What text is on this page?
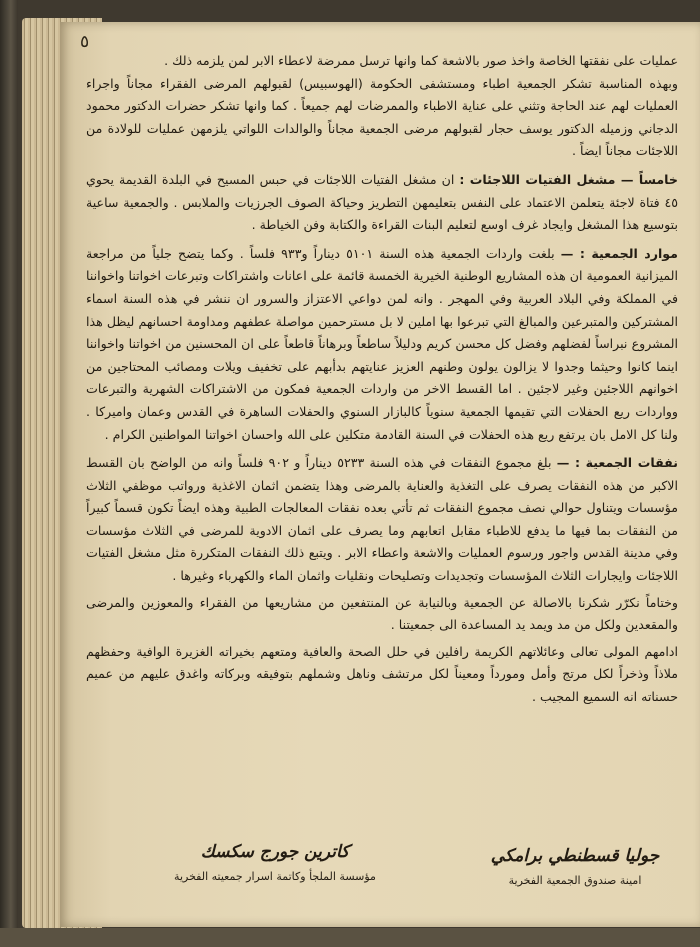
٥

عمليات على نفقتها الخاصة واخذ صور بالاشعة كما وانها ترسل ممرضة لاعطاء الابر لمن يلزمه ذلك .

وبهذه المناسبة تشكر الجمعية اطباء ومستشفى الحكومة (الهوسبيس) لقبولهم المرضى الفقراء مجاناً واجراء العمليات لهم عند الحاجة وتثني على عناية الاطباء والممرضات لهم جميعاً . كما وانها تشكر حضرات الدكتور محمود الدجاني وزميله الدكتور يوسف حجار لقبولهم مرضى الجمعية مجاناً والوالدات اللواتي يلزمهن عمليات للولادة من اللاجئات مجاناً ايضاً .

خامساً — مشغل الفتيات اللاجئات : ان مشغل الفتيات اللاجئات في حبس المسيح في البلدة القديمة يحوي ٤٥ فتاة لاجئة يتعلمن الاعتماد على النفس بتعليمهن التطريز وحياكة الصوف الجرزيات والملابس . والجمعية ساعية بتوسيع هذا المشغل وايجاد غرف اوسع لتعليم البنات القراءة والكتابة وفن الخياطة .

موارد الجمعية : — بلغت واردات الجمعية هذه السنة ٥١٠١ ديناراً و٩٣٣ فلساً . وكما يتضح جلياً من مراجعة الميزانية العمومية ان هذه المشاريع الوطنية الخيرية الخمسة قائمة على اعانات واشتراكات وتبرعات اخواتنا واخواننا في المملكة وفي البلاد العربية وفي المهجر . وانه لمن دواعي الاعتزاز والسرور ان ننشر في هذه السنة اسماء المشتركين والمتبرعين والمبالغ التي تبرعوا بها املين لا بل مسترحمين مواصلة عطفهم ومداومة احسانهم ليظل هذا المشروع نبراساً لفضلهم وفضل كل محسن كريم ودليلاً ساطعاً وبرهاناً قاطعاً على ان المحسنين من اخواتنا واخواننا اينما كانوا وحيثما وجدوا لا يزالون يولون وطنهم العزيز عنايتهم بدأبهم على تخفيف ويلات ومصائب المحتاجين من اخوانهم اللاجئين وغير لاجئين . اما القسط الاخر من واردات الجمعية فمكون من الاشتراكات الشهرية والتبرعات وواردات ريع الحفلات التي تقيمها الجمعية سنوياً كالبازار السنوي والحفلات الساهرة في القدس وعمان واميركا . ولنا كل الامل بان يرتفع ريع هذه الحفلات في السنة القادمة متكلين على الله واحسان اخواتنا المواطنين الكرام .

نفقات الجمعية : — بلغ مجموع النفقات في هذه السنة ٥٢٣٣ ديناراً و ٩٠٢ فلساً وانه من الواضح بان القسط الاكبر من هذه النفقات يصرف على التغذية والعناية بالمرضى وهذا يتضمن اثمان الاغذية ورواتب موظفي الثلاث مؤسسات ويتناول حوالي نصف مجموع النفقات ثم تأتي بعده نفقات المعالجات الطبية وهذه ايضاً تكون قسماً كبيراً من النفقات بما فيها ما يدفع للاطباء مقابل اتعابهم وما يصرف على اثمان الادوية للمرضى في الثلاث مؤسسات وفي مدينة القدس واجور ورسوم العمليات والاشعة واعطاء الابر . ويتبع ذلك النفقات المتكررة مثل مشغل الفتيات اللاجئات وايجارات الثلاث المؤسسات وتجديدات وتصليحات ونقليات واثمان الماء والكهرباء وغيرها .

وختاماً نكرّر شكرنا بالاصالة عن الجمعية وبالنيابة عن المنتفعين من مشاريعها من الفقراء والمعوزين والمرضى والمقعدين ولكل من مد ويمد يد المساعدة الى جمعيتنا .

ادامهم المولى تعالى وعائلاتهم الكريمة رافلين في حلل الصحة والعافية ومتعهم بخيراته الغزيرة الوافية وحفظهم ملاذاً وذخراً لكل مرتج وأمل ومورداً ومعيناً لكل مرتشف وناهل وشملهم بتوفيقه وبركاته واغدق عليهم من عميم حسناته انه السميع المجيب .

جوليا قسطنطي برامكي
امينة صندوق الجمعية الفخرية
كاترين جورج سكسك
مؤسسة الملجأ وكاتمة اسرار جمعيته الفخرية
